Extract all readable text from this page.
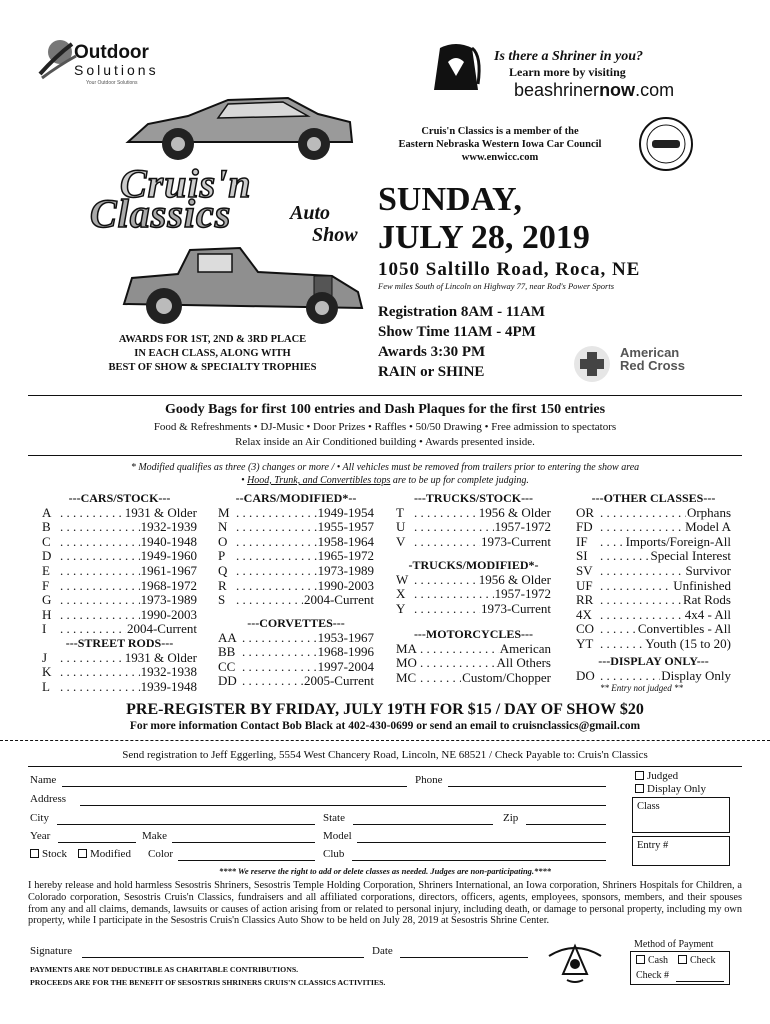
Outdoor
Solutions
Your Outdoor Solutions
Is there a Shriner in you?
Learn more by visiting
beashrinernow.com
Cruis'n Classics is a member of the
Eastern Nebraska Western Iowa Car Council
www.enwicc.com
Cruis'n
Classics	Auto
Show
SUNDAY,
JULY 28, 2019
1050 Saltillo Road, Roca, NE
Few miles South of Lincoln on Highway 77, near Rod's Power Sports
Registration 8AM - 11AM
Show Time 11AM - 4PM
Awards 3:30 PM
RAIN or SHINE
AWARDS FOR 1ST, 2ND & 3RD PLACE
IN EACH CLASS, ALONG WITH
BEST OF SHOW & SPECIALTY TROPHIES
American
Red Cross
Goody Bags for first 100 entries and Dash Plaques for the first 150 entries
Food & Refreshments • DJ-Music • Door Prizes • Raffles • 50/50 Drawing • Free admission to spectators
Relax inside an Air Conditioned building • Awards presented inside.
* Modified qualifies as three (3) changes or more / • All vehicles must be removed from trailers prior to entering the show area
• Hood, Trunk, and Convertibles tops are to be up for complete judging.
---CARS/STOCK---
A . . .	1931 & Older
B . . .	1932-1939
C . . .	1940-1948
D . . .	1949-1960
E . . .	1961-1967
F . . .	1968-1972
G . . .	1973-1989
H . . .	1990-2003
I . . .	2004-Current
---STREET RODS---
J . . .	1931 & Older
K . . .	1932-1938
L . . .	1939-1948
--CARS/MODIFIED*--
M . . .	1949-1954
N . . .	1955-1957
O . . .	1958-1964
P . . .	1965-1972
Q . . .	1973-1989
R . . .	1990-2003
S . . .	2004-Current
---CORVETTES---
AA . . .	1953-1967
BB . . .	1968-1996
CC . . .	1997-2004
DD . . .	2005-Current
---TRUCKS/STOCK---
T . . .	1956 & Older
U . . .	1957-1972
V . . .	1973-Current
-TRUCKS/MODIFIED*-
W . . .	1956 & Older
X . . .	1957-1972
Y . . .	1973-Current
---MOTORCYCLES---
MA . . .	American
MO . . .	All Others
MC . . .	Custom/Chopper
---OTHER CLASSES---
OR . . .	Orphans
FD . . .	Model A
IF . . .	Imports/Foreign-All
SI . . .	Special Interest
SV . . .	Survivor
UF . . .	Unfinished
RR . . .	Rat Rods
4X . . .	4x4 - All
CO . . .	Convertibles - All
YT . . .	Youth (15 to 20)
---DISPLAY ONLY---
DO . . .	Display Only
** Entry not judged **
PRE-REGISTER BY FRIDAY, JULY 19TH FOR $15 / DAY OF SHOW $20
For more information Contact Bob Black at 402-430-0699 or send an email to cruisnclassics@gmail.com
Send registration to Jeff Eggerling, 5554 West Chancery Road, Lincoln, NE 68521 / Check Payable to: Cruis'n Classics
Name	Phone
Address
City	State	Zip
Year	Make	Model
Stock	Modified Color	Club
Judged
Display Only
Class
Entry #
**** We reserve the right to add or delete classes as needed. Judges are non-participating.****
I hereby release and hold harmless Sesostris Shriners, Sesostris Temple Holding Corporation, Shriners International, an Iowa corporation, Shriners Hospitals for Children, a Colorado corporation, Sesostris Cruis'n Classics, fundraisers and all affiliated corporations, directors, officers, agents, employees, sponsors, members, and their spouses from any and all claims, demands, lawsuits or causes of action arising from or related to personal injury, including death, or damage to personal property, including my own property, while I participate in the Sesostris Cruis'n Classics Auto Show to be held on July 28, 2019 at Sesostris Shrine Center.
Signature	Date
PAYMENTS ARE NOT DEDUCTIBLE AS CHARITABLE CONTRIBUTIONS.
PROCEEDS ARE FOR THE BENEFIT OF SESOSTRIS SHRINERS CRUIS'N CLASSICS ACTIVITIES.
Method of Payment
Cash	Check
Check #
